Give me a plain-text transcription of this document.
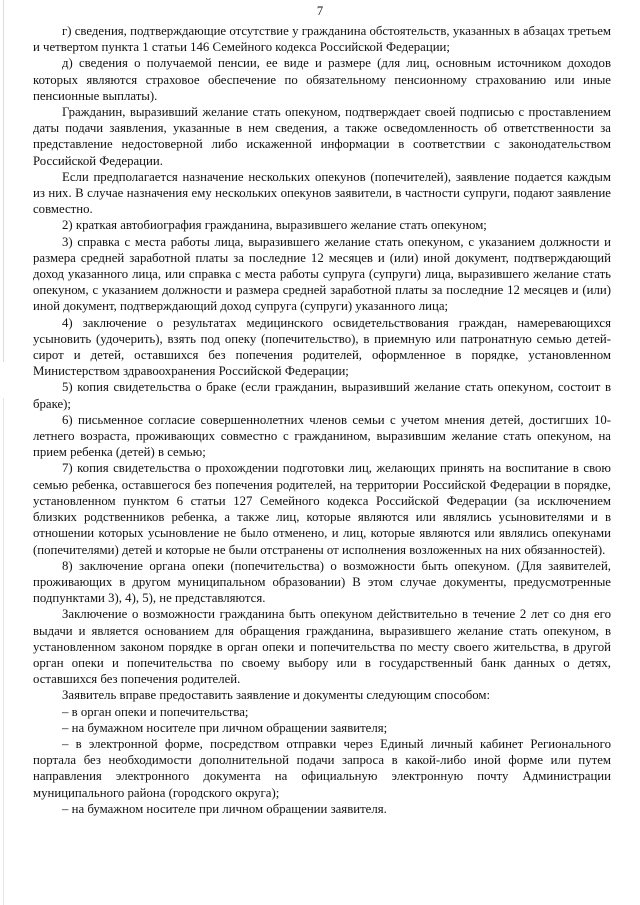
7

г) сведения, подтверждающие отсутствие у гражданина обстоятельств, указанных в абзацах третьем и четвертом пункта 1 статьи 146 Семейного кодекса Российской Федерации;

д) сведения о получаемой пенсии, ее виде и размере (для лиц, основным источником доходов которых являются страховое обеспечение по обязательному пенсионному страхованию или иные пенсионные выплаты).

Гражданин, выразивший желание стать опекуном, подтверждает своей подписью с проставлением даты подачи заявления, указанные в нем сведения, а также осведомленность об ответственности за представление недостоверной либо искаженной информации в соответствии с законодательством Российской Федерации.

Если предполагается назначение нескольких опекунов (попечителей), заявление подается каждым из них. В случае назначения ему нескольких опекунов заявители, в частности супруги, подают заявление совместно.

2) краткая автобиография гражданина, выразившего желание стать опекуном;

3) справка с места работы лица, выразившего желание стать опекуном, с указанием должности и размера средней заработной платы за последние 12 месяцев и (или) иной документ, подтверждающий доход указанного лица, или справка с места работы супруга (супруги) лица, выразившего желание стать опекуном, с указанием должности и размера средней заработной платы за последние 12 месяцев и (или) иной документ, подтверждающий доход супруга (супруги) указанного лица;

4) заключение о результатах медицинского освидетельствования граждан, намеревающихся усыновить (удочерить), взять под опеку (попечительство), в приемную или патронатную семью детей-сирот и детей, оставшихся без попечения родителей, оформленное в порядке, установленном Министерством здравоохранения Российской Федерации;

5) копия свидетельства о браке (если гражданин, выразивший желание стать опекуном, состоит в браке);

6) письменное согласие совершеннолетних членов семьи с учетом мнения детей, достигших 10-летнего возраста, проживающих совместно с гражданином, выразившим желание стать опекуном, на прием ребенка (детей) в семью;

7) копия свидетельства о прохождении подготовки лиц, желающих принять на воспитание в свою семью ребенка, оставшегося без попечения родителей, на территории Российской Федерации в порядке, установленном пунктом 6 статьи 127 Семейного кодекса Российской Федерации (за исключением близких родственников ребенка, а также лиц, которые являются или являлись усыновителями и в отношении которых усыновление не было отменено, и лиц, которые являются или являлись опекунами (попечителями) детей и которые не были отстранены от исполнения возложенных на них обязанностей).

8) заключение органа опеки (попечительства) о возможности быть опекуном. (Для заявителей, проживающих в другом муниципальном образовании) В этом случае документы, предусмотренные подпунктами 3), 4), 5), не представляются.

Заключение о возможности гражданина быть опекуном действительно в течение 2 лет со дня его выдачи и является основанием для обращения гражданина, выразившего желание стать опекуном, в установленном законом порядке в орган опеки и попечительства по месту своего жительства, в другой орган опеки и попечительства по своему выбору или в государственный банк данных о детях, оставшихся без попечения родителей.

Заявитель вправе предоставить заявление и документы следующим способом:

– в орган опеки и попечительства;

– на бумажном носителе при личном обращении заявителя;

– в электронной форме, посредством отправки через Единый личный кабинет Регионального портала без необходимости дополнительной подачи запроса в какой-либо иной форме или путем направления электронного документа на официальную электронную почту Администрации муниципального района (городского округа);

– на бумажном носителе при личном обращении заявителя.
